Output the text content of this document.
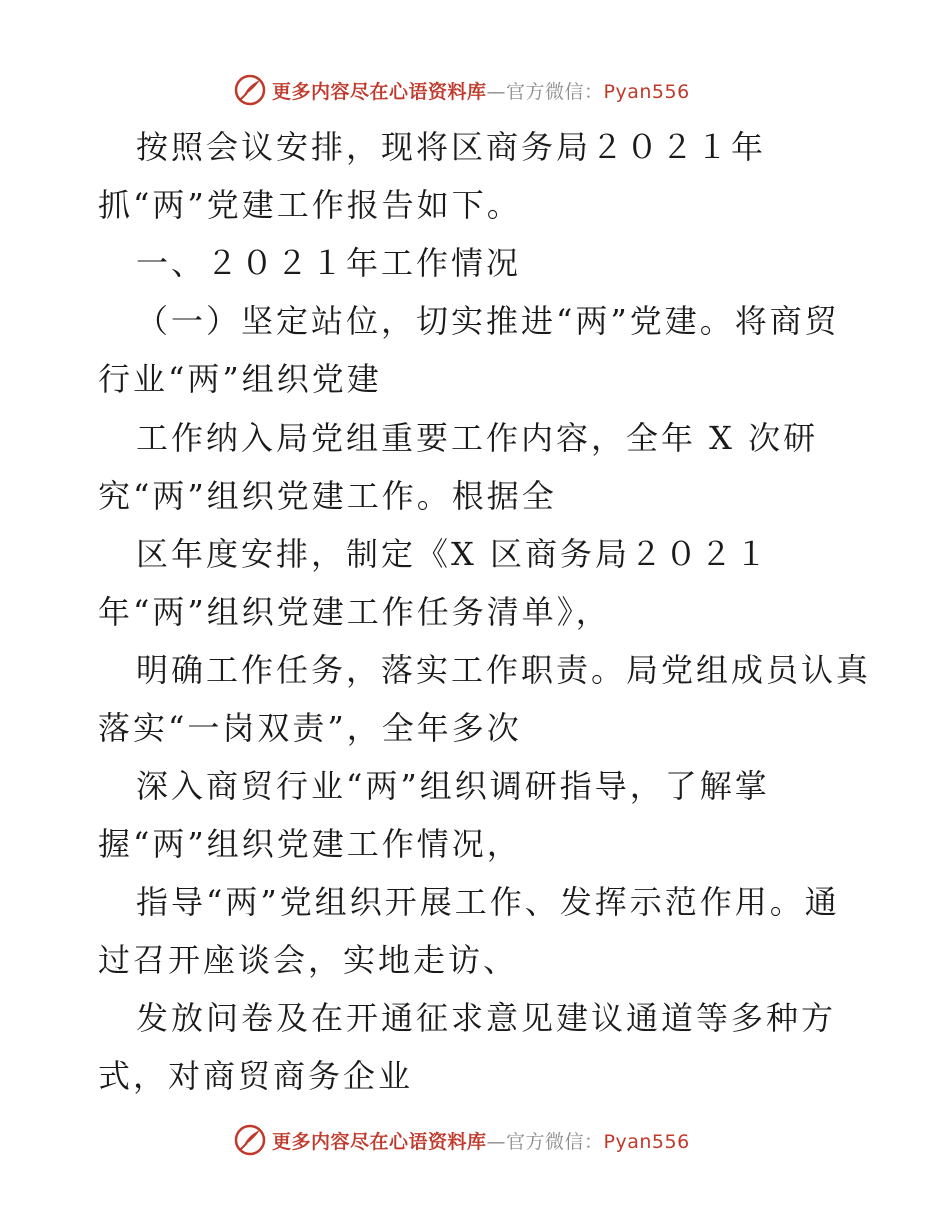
更多内容尽在心语资料库—官方微信：Pyan556
按照会议安排，现将区商务局２０２１年
抓“两”党建工作报告如下。
一、２０２１年工作情况
（一）坚定站位，切实推进“两”党建。将商贸
行业“两”组织党建
工作纳入局党组重要工作内容，全年 X 次研
究“两”组织党建工作。根据全
区年度安排，制定《X 区商务局２０２１
年“两”组织党建工作任务清单》，
明确工作任务，落实工作职责。局党组成员认真
落实“一岗双责”，全年多次
深入商贸行业“两”组织调研指导，了解掌
握“两”组织党建工作情况，
指导“两”党组织开展工作、发挥示范作用。通
过召开座谈会，实地走访、
发放问卷及在开通征求意见建议通道等多种方
式，对商贸商务企业
更多内容尽在心语资料库—官方微信：Pyan556
